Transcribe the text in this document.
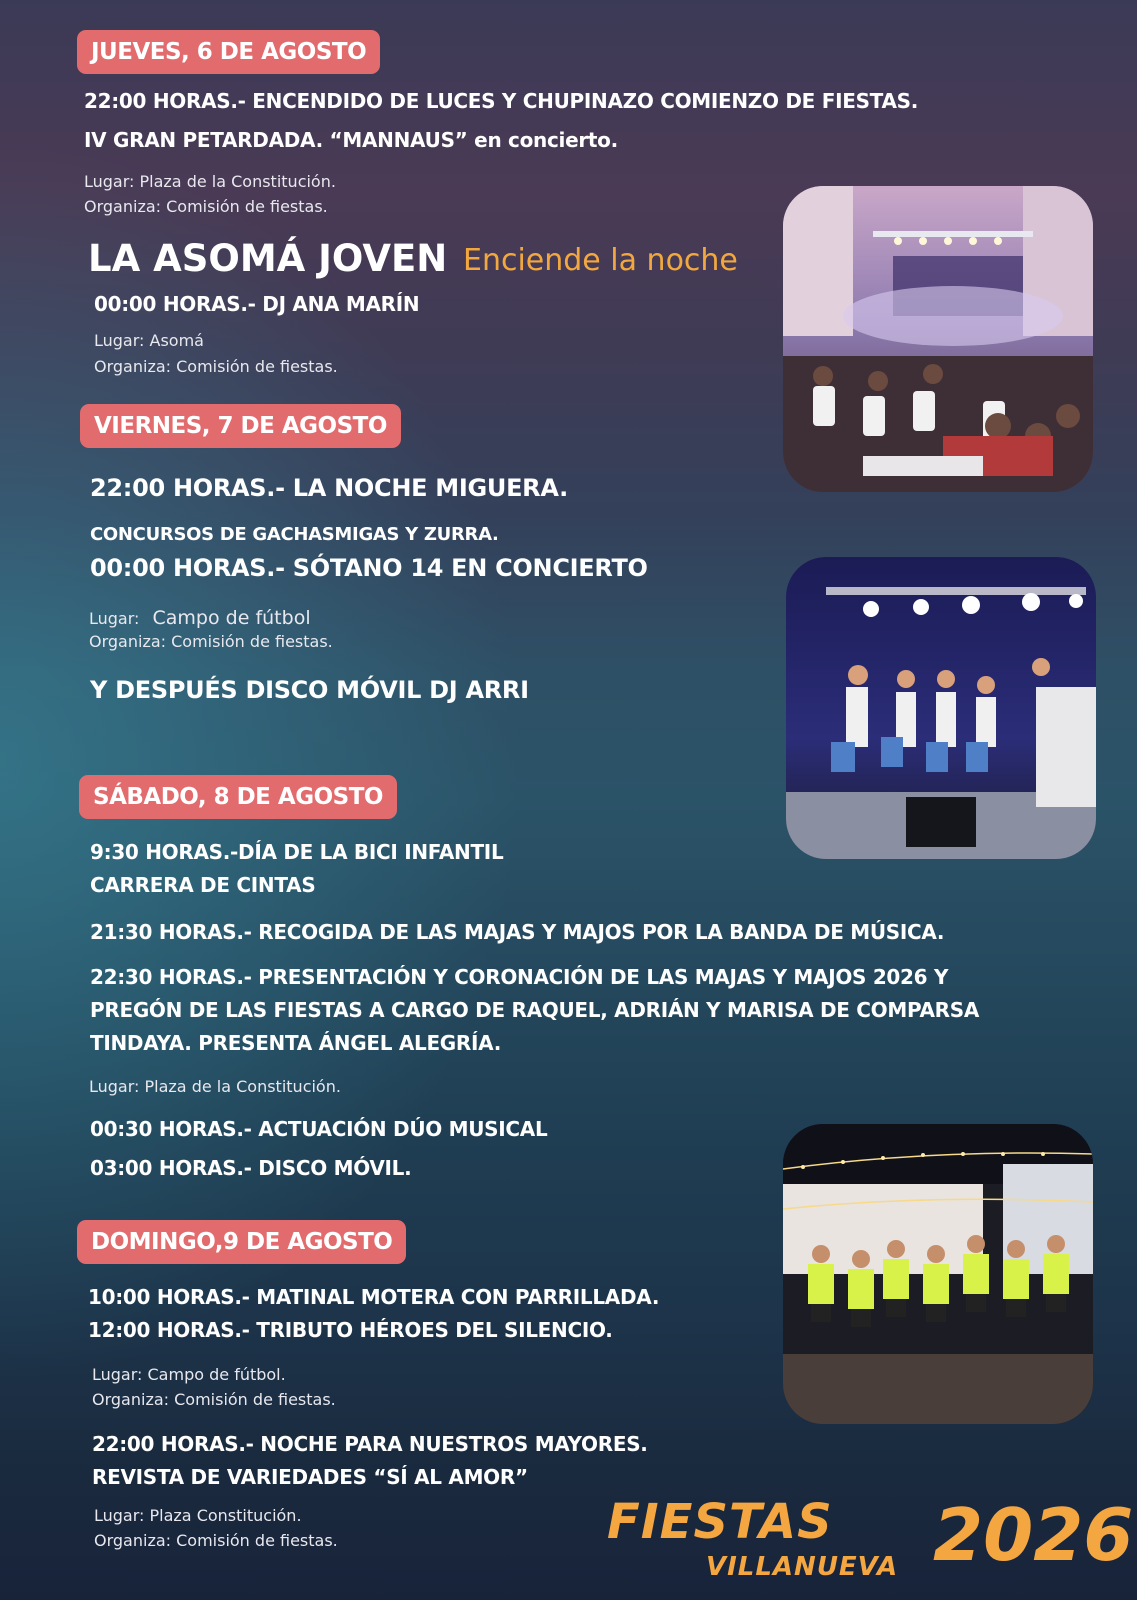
JUEVES, 6 DE AGOSTO
22:00 HORAS.- ENCENDIDO DE LUCES Y CHUPINAZO COMIENZO DE FIESTAS.
IV GRAN PETARDADA. “MANNAUS” en concierto.
Lugar: Plaza de la Constitución.
Organiza: Comisión de fiestas.
LA ASOMÁ JOVEN Enciende la noche
00:00 HORAS.- DJ ANA MARÍN
Lugar: Asomá
Organiza: Comisión de fiestas.
VIERNES, 7 DE AGOSTO
22:00 HORAS.- LA NOCHE MIGUERA.
CONCURSOS DE GACHASMIGAS Y ZURRA.
00:00 HORAS.- SÓTANO 14 EN CONCIERTO
Lugar: Campo de fútbol
Organiza: Comisión de fiestas.
Y DESPUÉS DISCO MÓVIL DJ ARRI
SÁBADO, 8 DE AGOSTO
9:30 HORAS.-DÍA DE LA BICI INFANTIL
CARRERA DE CINTAS
21:30 HORAS.- RECOGIDA DE LAS MAJAS Y MAJOS POR LA BANDA DE MÚSICA.
22:30 HORAS.- PRESENTACIÓN Y CORONACIÓN DE LAS MAJAS Y MAJOS 2026 Y
PREGÓN DE LAS FIESTAS A CARGO DE RAQUEL, ADRIÁN Y MARISA DE COMPARSA
TINDAYA. PRESENTA ÁNGEL ALEGRÍA.
Lugar: Plaza de la Constitución.
00:30 HORAS.- ACTUACIÓN DÚO MUSICAL
03:00 HORAS.- DISCO MÓVIL.
DOMINGO,9 DE AGOSTO
10:00 HORAS.- MATINAL MOTERA CON PARRILLADA.
12:00 HORAS.- TRIBUTO HÉROES DEL SILENCIO.
Lugar: Campo de fútbol.
Organiza: Comisión de fiestas.
22:00 HORAS.- NOCHE PARA NUESTROS MAYORES.
REVISTA DE VARIEDADES “SÍ AL AMOR”
Lugar: Plaza Constitución.
Organiza: Comisión de fiestas.	FIESTAS
VILLANUEVA 2026
